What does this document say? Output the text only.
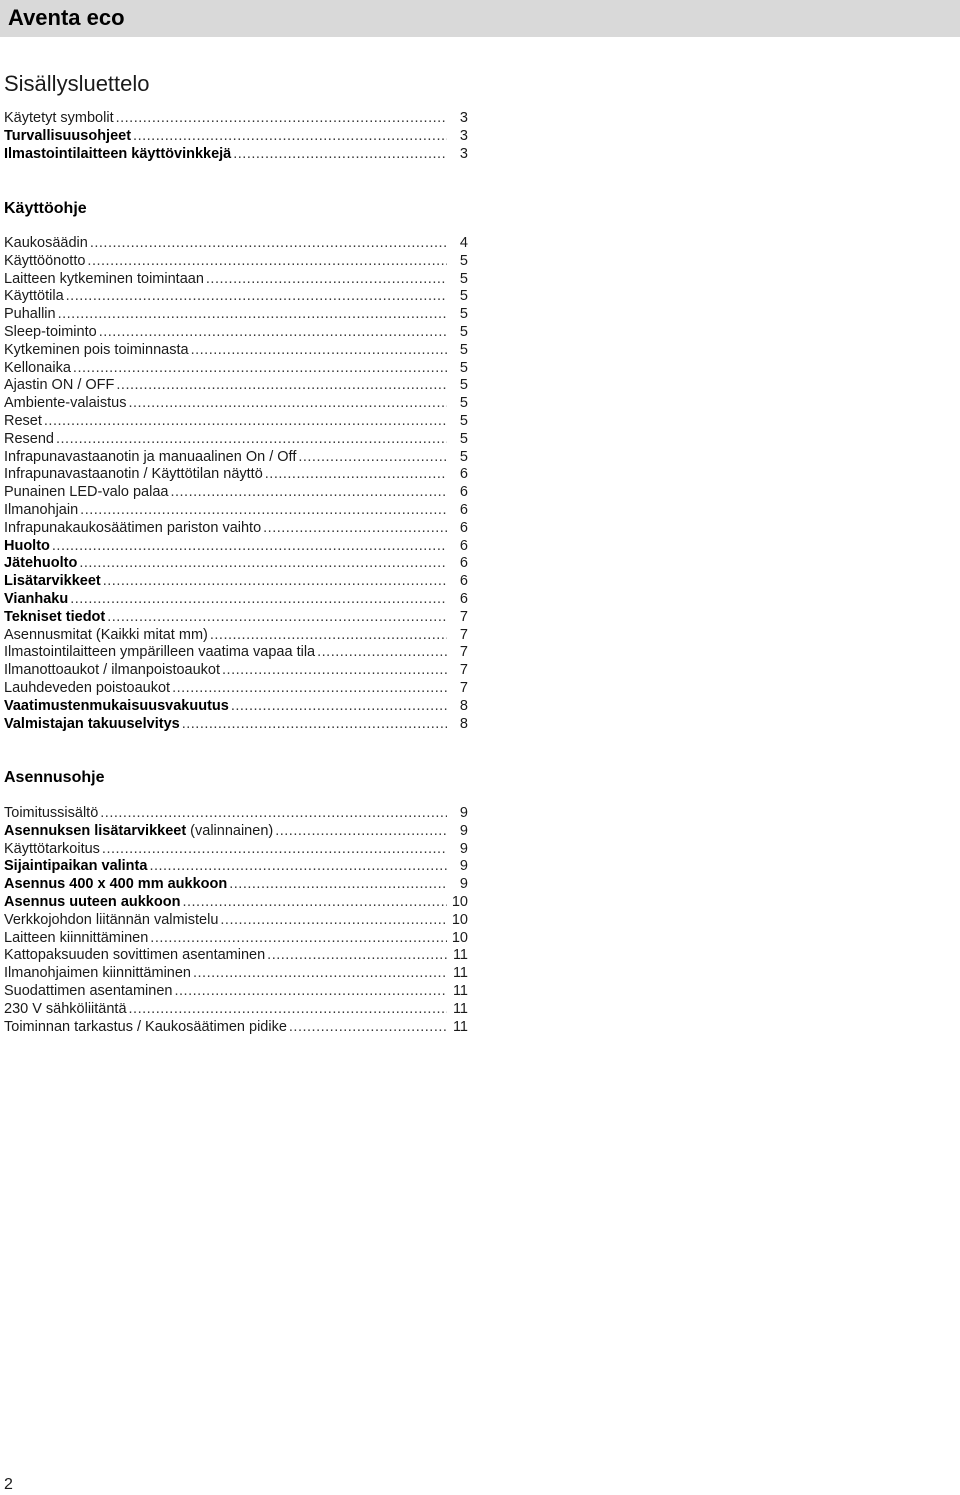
Aventa eco
Sisällysluettelo
Käytetyt symbolit .....	3
Turvallisuusohjeet .....	3
Ilmastointilaitteen käyttövinkkejä .....	3
Käyttöohje
Kaukosäädin .....	4
Käyttöönotto .....	5
Laitteen kytkeminen toimintaan .....	5
Käyttötila .....	5
Puhallin .....	5
Sleep-toiminto .....	5
Kytkeminen pois toiminnasta .....	5
Kellonaika .....	5
Ajastin ON / OFF .....	5
Ambiente-valaistus .....	5
Reset .....	5
Resend .....	5
Infrapunavastaanotin ja manuaalinen On / Off .....	5
Infrapunavastaanotin / Käyttötilan näyttö .....	6
Punainen LED-valo palaa .....	6
Ilmanohjain .....	6
Infrapunakaukosäätimen pariston vaihto .....	6
Huolto .....	6
Jätehuolto .....	6
Lisätarvikkeet .....	6
Vianhaku .....	6
Tekniset tiedot .....	7
Asennusmitat (Kaikki mitat mm) .....	7
Ilmastointilaitteen ympärilleen vaatima vapaa tila .....	7
Ilmanottoaukot / ilmanpoistoaukot .....	7
Lauhdeveden poistoaukot .....	7
Vaatimustenmukaisuusvakuutus .....	8
Valmistajan takuuselvitys .....	8
Asennusohje
Toimitussisältö .....	9
Asennuksen lisätarvikkeet (valinnainen) .....	9
Käyttötarkoitus .....	9
Sijaintipaikan valinta .....	9
Asennus 400 x 400 mm aukkoon .....	9
Asennus uuteen aukkoon .....	10
Verkkojohdon liitännän valmistelu .....	10
Laitteen kiinnittäminen .....	10
Kattopaksuuden sovittimen asentaminen .....	11
Ilmanohjaimen kiinnittäminen .....	11
Suodattimen asentaminen .....	11
230 V sähköliitäntä .....	11
Toiminnan tarkastus / Kaukosäätimen pidike .....	11
2
